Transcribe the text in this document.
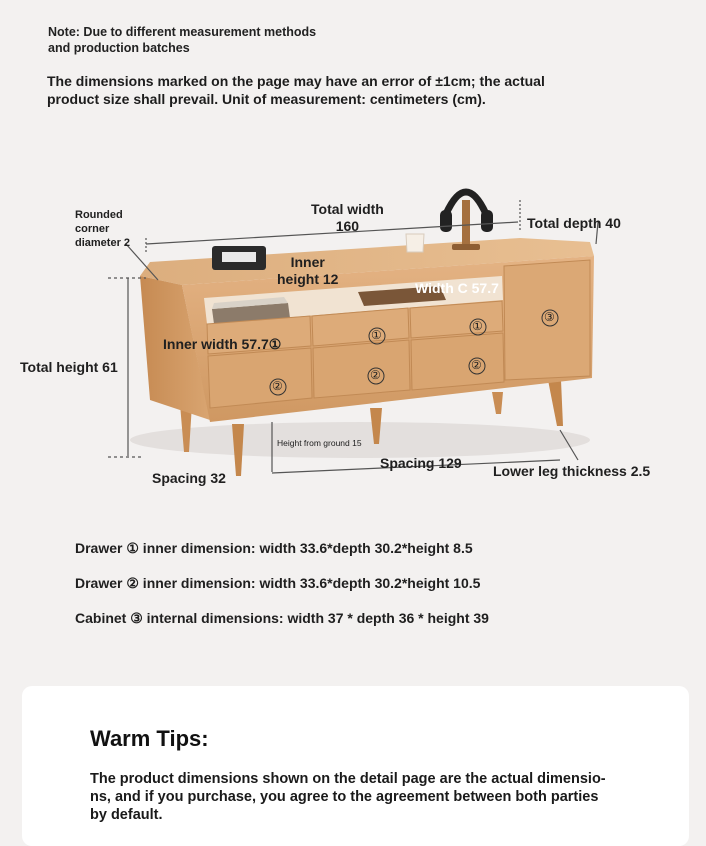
Note: Due to different measurement methods
and production batches
The dimensions marked on the page may have an error of ±1cm; the actual
product size shall prevail. Unit of measurement: centimeters (cm).
Rounded
corner
diameter 2
Total width
160	Total depth 40
Inner
height 12
Width C 57.7
Inner width 57.7①
Total height 61
Height from ground 15
Spacing 32
Spacing 129 Lower leg thickness 2.5
①
①
②
②
②
③
Drawer ① inner dimension: width 33.6*depth 30.2*height 8.5
Drawer ② inner dimension: width 33.6*depth 30.2*height 10.5
Cabinet ③ internal dimensions: width 37 * depth 36 * height 39
Warm Tips:
The product dimensions shown on the detail page are the actual dimensio-
ns, and if you purchase, you agree to the agreement between both parties
by default.
